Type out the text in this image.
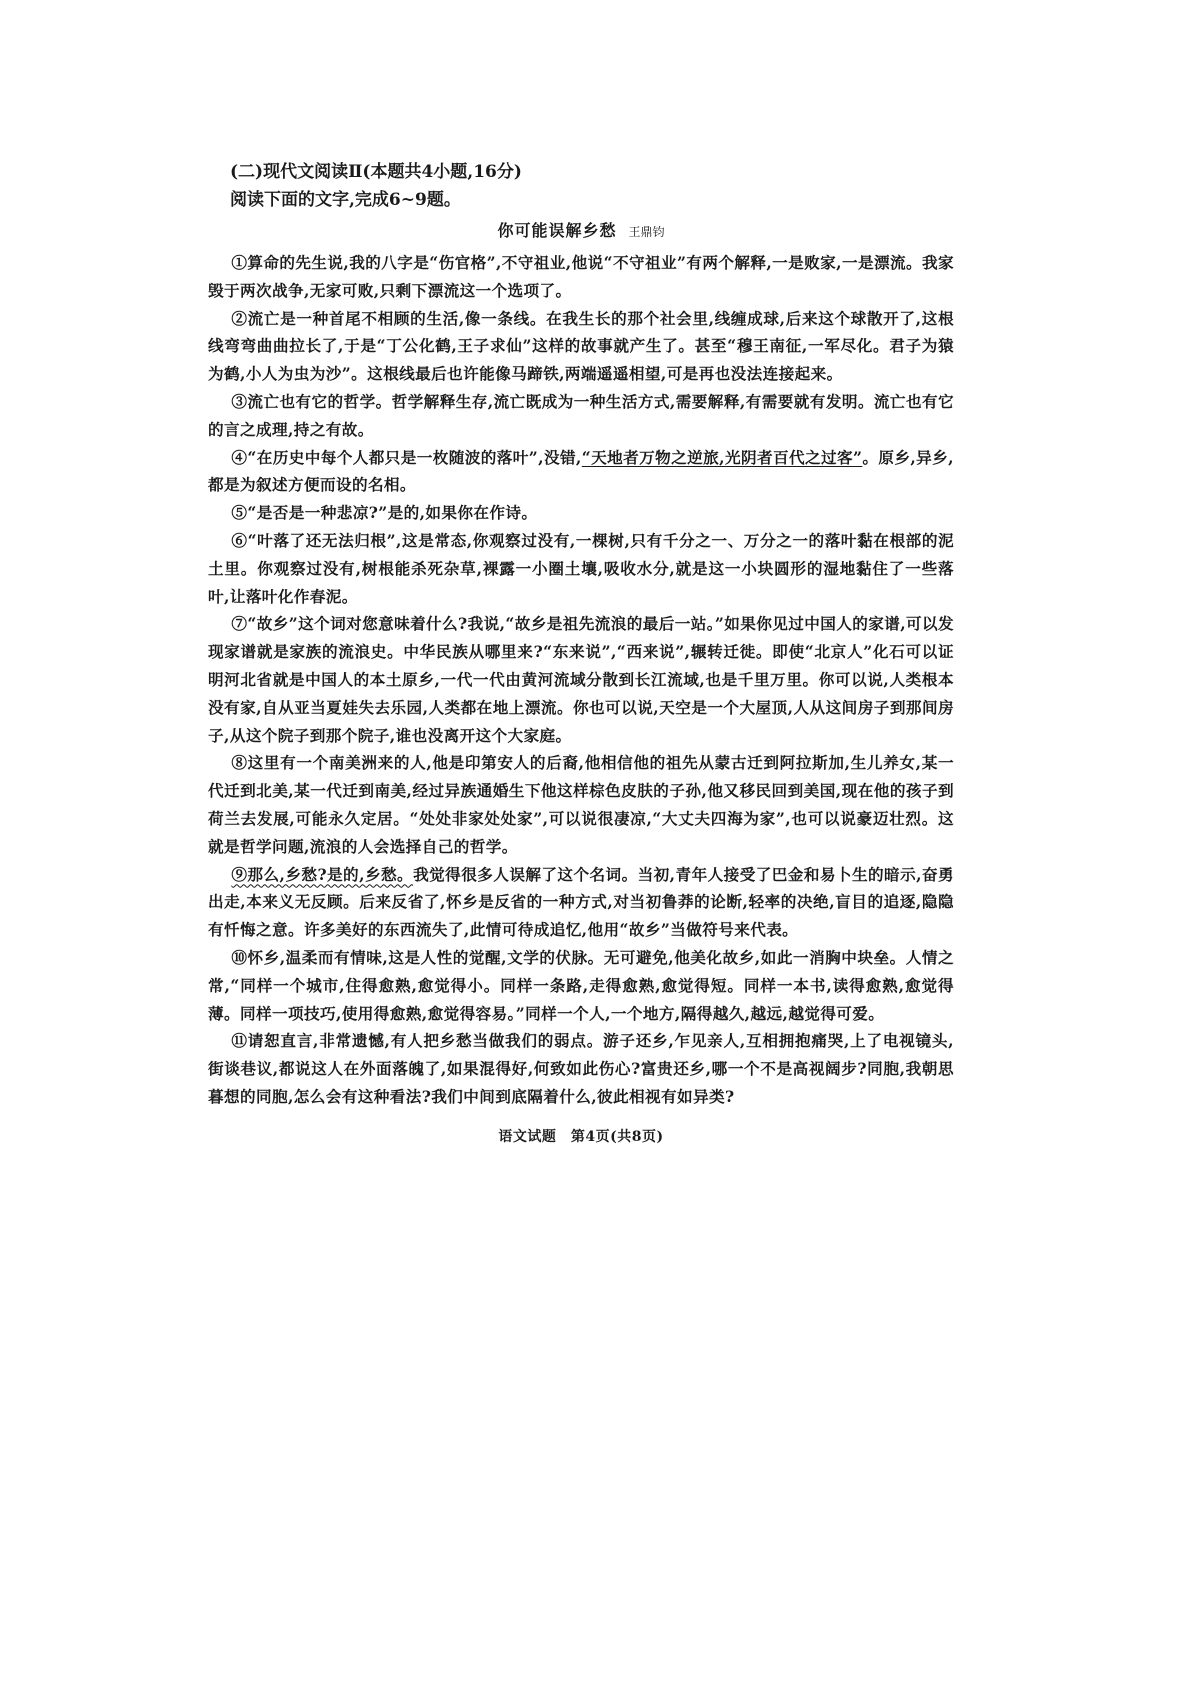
(二)现代文阅读Ⅱ(本题共4小题,16分)
阅读下面的文字,完成6~9题。
你可能误解乡愁 王鼎钧

①算命的先生说,我的八字是“伤官格”,不守祖业,他说“不守祖业”有两个解释,一是败家,一是漂流。我家毁于两次战争,无家可败,只剩下漂流这一个选项了。

②流亡是一种首尾不相顾的生活,像一条线。在我生长的那个社会里,线缠成球,后来这个球散开了,这根线弯弯曲曲拉长了,于是“丁公化鹤,王子求仙”这样的故事就产生了。甚至“穆王南征,一军尽化。君子为猿为鹤,小人为虫为沙”。这根线最后也许能像马蹄铁,两端遥遥相望,可是再也没法连接起来。

③流亡也有它的哲学。哲学解释生存,流亡既成为一种生活方式,需要解释,有需要就有发明。流亡也有它的言之成理,持之有故。

④“在历史中每个人都只是一枚随波的落叶”,没错,“天地者万物之逆旅,光阴者百代之过客”。原乡,异乡,都是为叙述方便而设的名相。

⑤“是否是一种悲凉?”是的,如果你在作诗。

⑥“叶落了还无法归根”,这是常态,你观察过没有,一棵树,只有千分之一、万分之一的落叶黏在根部的泥土里。你观察过没有,树根能杀死杂草,裸露一小圈土壤,吸收水分,就是这一小块圆形的湿地黏住了一些落叶,让落叶化作春泥。

⑦“故乡”这个词对您意味着什么?我说,“故乡是祖先流浪的最后一站。”如果你见过中国人的家谱,可以发现家谱就是家族的流浪史。中华民族从哪里来?“东来说”,“西来说”,辗转迁徙。即使“北京人”化石可以证明河北省就是中国人的本土原乡,一代一代由黄河流域分散到长江流域,也是千里万里。你可以说,人类根本没有家,自从亚当夏娃失去乐园,人类都在地上漂流。你也可以说,天空是一个大屋顶,人从这间房子到那间房子,从这个院子到那个院子,谁也没离开这个大家庭。

⑧这里有一个南美洲来的人,他是印第安人的后裔,他相信他的祖先从蒙古迁到阿拉斯加,生儿养女,某一代迁到北美,某一代迁到南美,经过异族通婚生下他这样棕色皮肤的子孙,他又移民回到美国,现在他的孩子到荷兰去发展,可能永久定居。“处处非家处处家”,可以说很凄凉,“大丈夫四海为家”,也可以说豪迈壮烈。这就是哲学问题,流浪的人会选择自己的哲学。

⑨那么,乡愁?是的,乡愁。我觉得很多人误解了这个名词。当初,青年人接受了巴金和易卜生的暗示,奋勇出走,本来义无反顾。后来反省了,怀乡是反省的一种方式,对当初鲁莽的论断,轻率的决绝,盲目的追逐,隐隐有忏悔之意。许多美好的东西流失了,此情可待成追忆,他用“故乡”当做符号来代表。

⑩怀乡,温柔而有情味,这是人性的觉醒,文学的伏脉。无可避免,他美化故乡,如此一消胸中块垒。人情之常,“同样一个城市,住得愈熟,愈觉得小。同样一条路,走得愈熟,愈觉得短。同样一本书,读得愈熟,愈觉得薄。同样一项技巧,使用得愈熟,愈觉得容易。”同样一个人,一个地方,隔得越久,越远,越觉得可爱。

⑪请恕直言,非常遗憾,有人把乡愁当做我们的弱点。游子还乡,乍见亲人,互相拥抱痛哭,上了电视镜头,街谈巷议,都说这人在外面落魄了,如果混得好,何致如此伤心?富贵还乡,哪一个不是高视阔步?同胞,我朝思暮想的同胞,怎么会有这种看法?我们中间到底隔着什么,彼此相视有如异类?

语文试题　第4页(共8页)
